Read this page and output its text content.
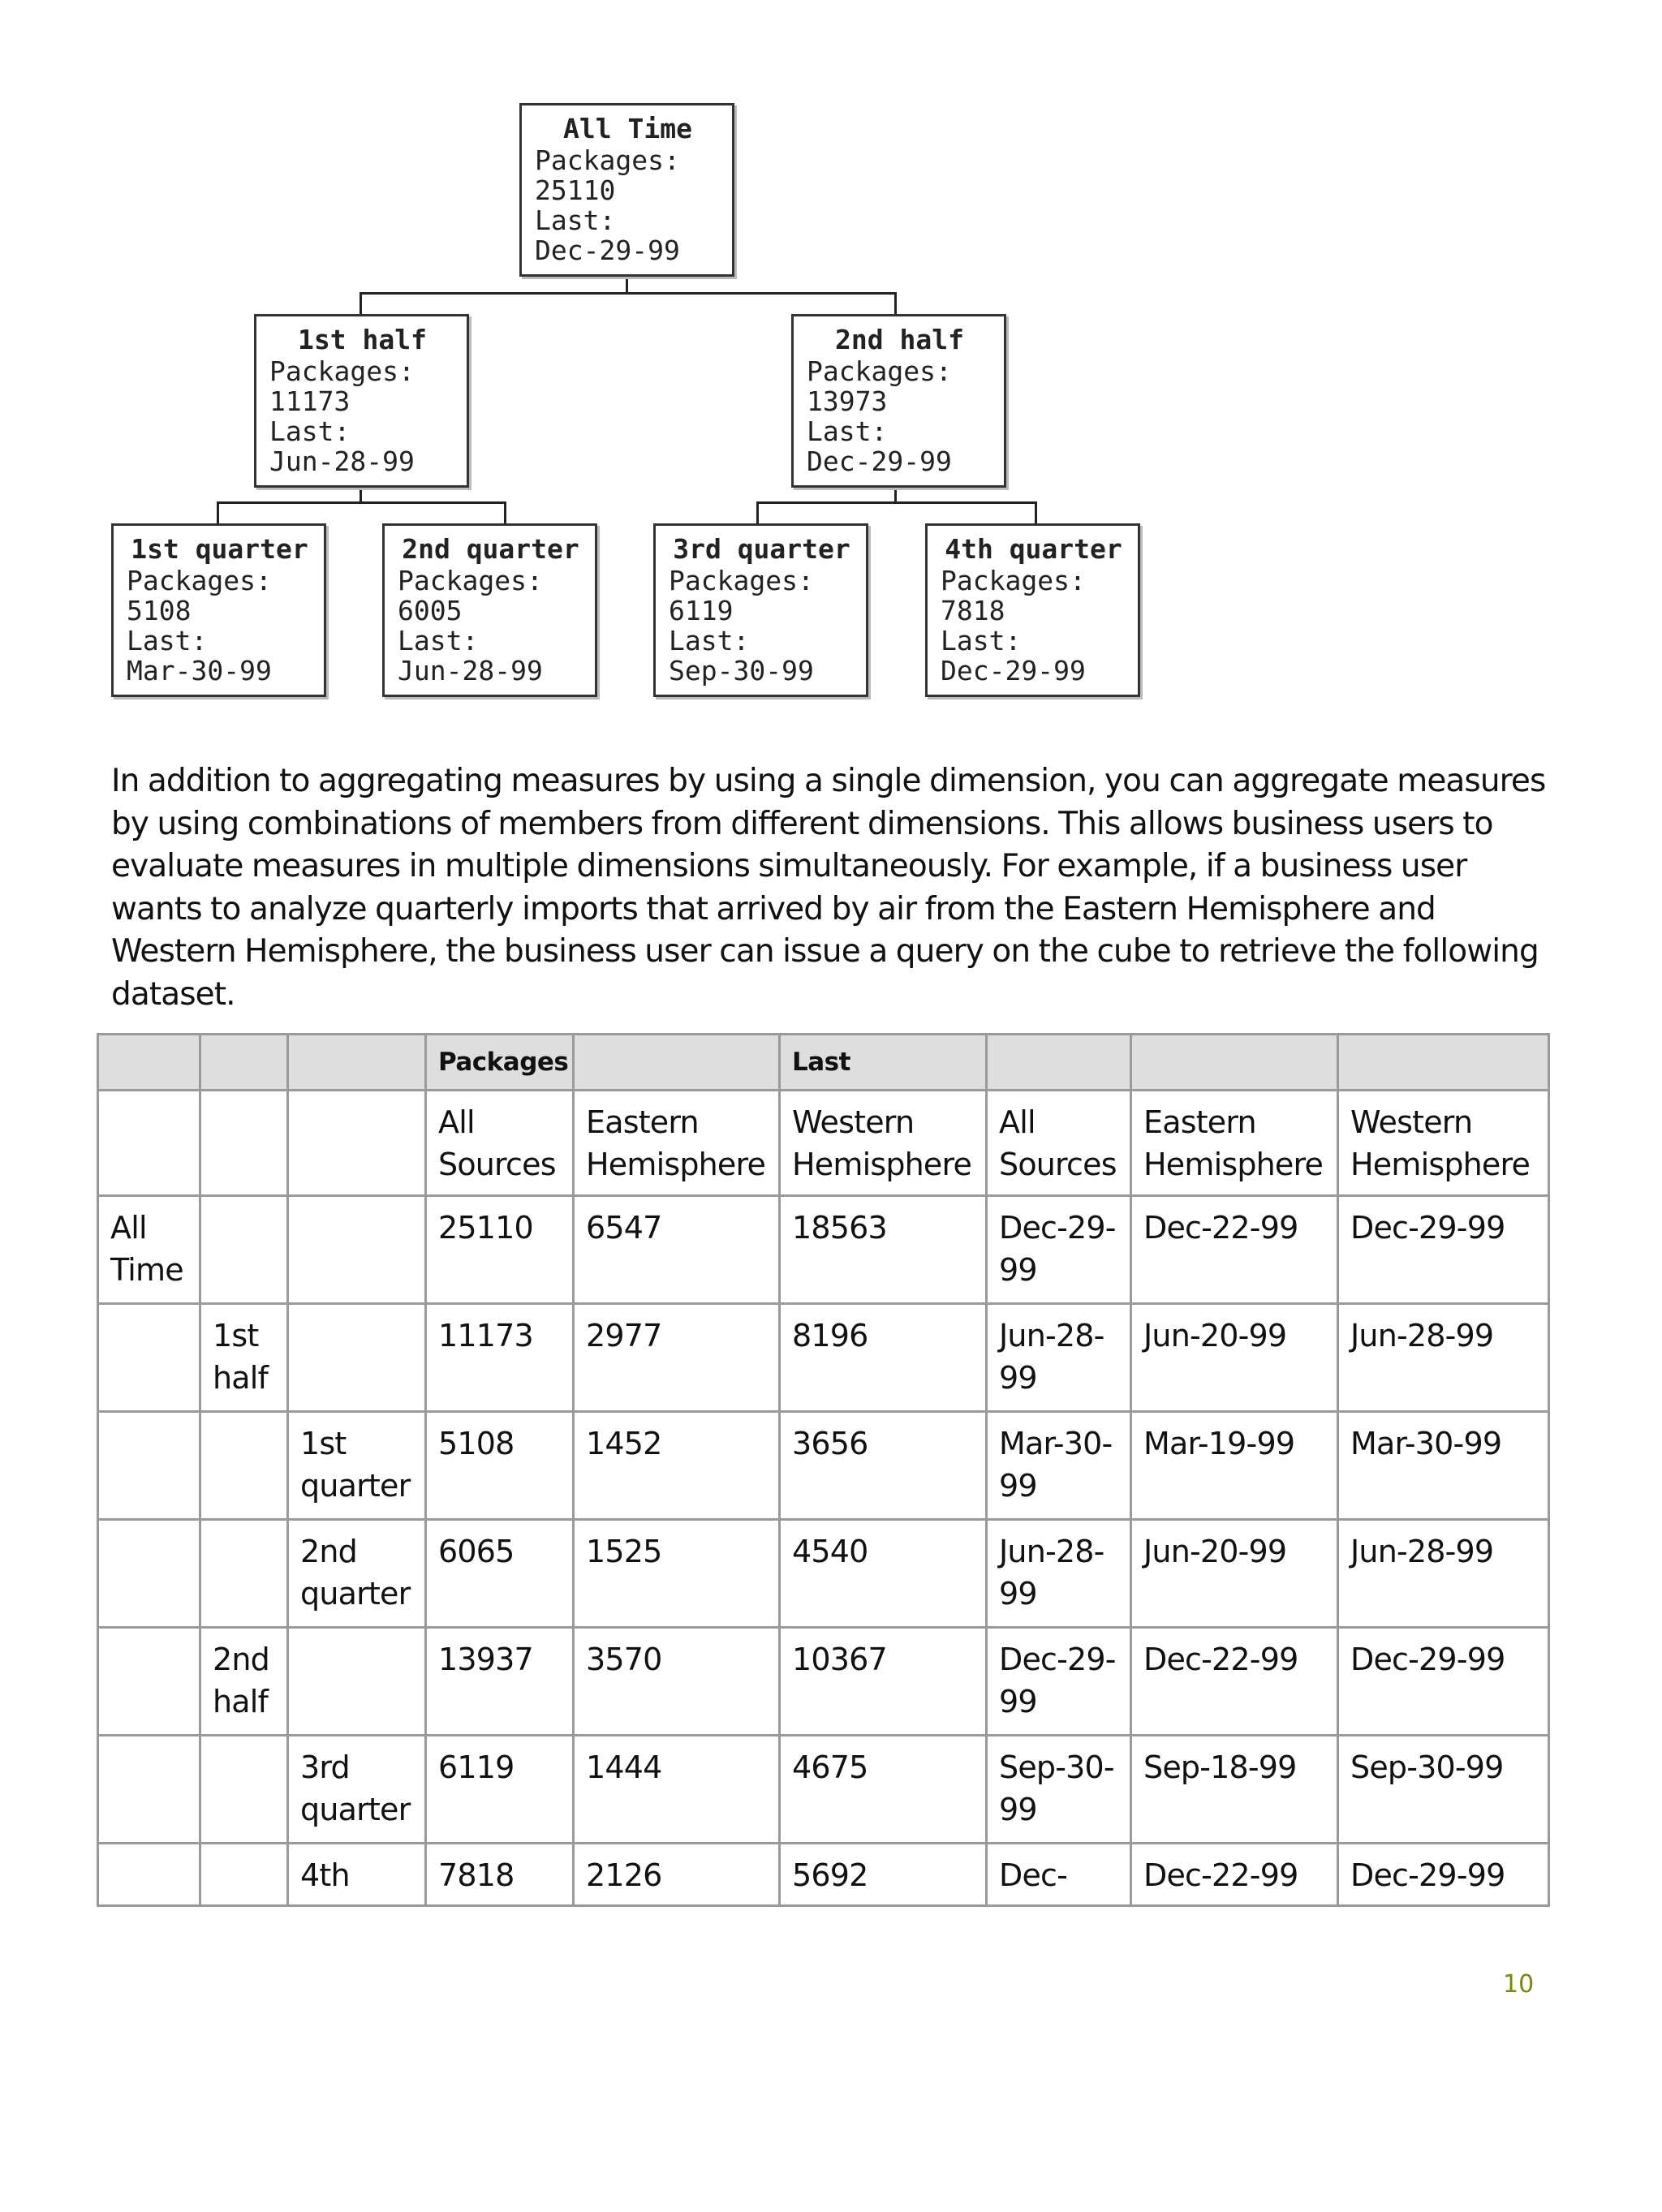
All Time
Packages:
25110
Last:
Dec-29-99
1st half
Packages:
11173
Last:
Jun-28-99
2nd half
Packages:
13973
Last:
Dec-29-99
1st quarter
Packages:
5108
Last:
Mar-30-99
2nd quarter
Packages:
6005
Last:
Jun-28-99
3rd quarter
Packages:
6119
Last:
Sep-30-99
4th quarter
Packages:
7818
Last:
Dec-29-99

In addition to aggregating measures by using a single dimension, you can aggregate measures by using combinations of members from different dimensions. This allows business users to evaluate measures in multiple dimensions simultaneously. For example, if a business user wants to analyze quarterly imports that arrived by air from the Eastern Hemisphere and Western Hemisphere, the business user can issue a query on the cube to retrieve the following dataset.

			Packages		Last			

			All Sources	Eastern Hemisphere	Western Hemisphere	All Sources	Eastern Hemisphere	Western Hemisphere

All Time			25110	6547	18563	Dec-29-99	Dec-22-99	Dec-29-99

	1st half		11173	2977	8196	Jun-28-99	Jun-20-99	Jun-28-99

		1st quarter	5108	1452	3656	Mar-30-99	Mar-19-99	Mar-30-99

		2nd quarter	6065	1525	4540	Jun-28-99	Jun-20-99	Jun-28-99

	2nd half		13937	3570	10367	Dec-29-99	Dec-22-99	Dec-29-99

		3rd quarter	6119	1444	4675	Sep-30-99	Sep-18-99	Sep-30-99

		4th	7818	2126	5692	Dec-	Dec-22-99	Dec-29-99
10
